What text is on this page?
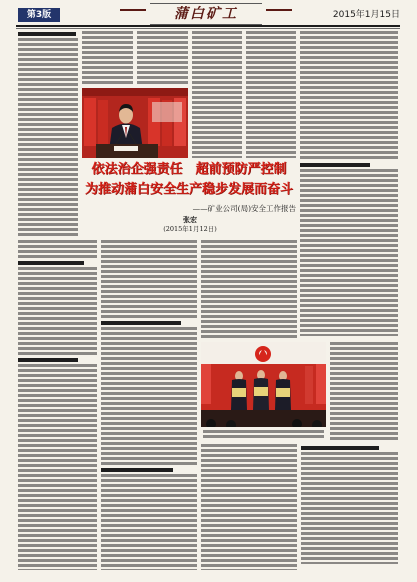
第3版	蒲白矿工	2015年1月15日
依法治企强责任　超前预防严控制
为推动蒲白安全生产稳步发展而奋斗
——矿业公司(局)安全工作报告
张宏
(2015年1月12日)
